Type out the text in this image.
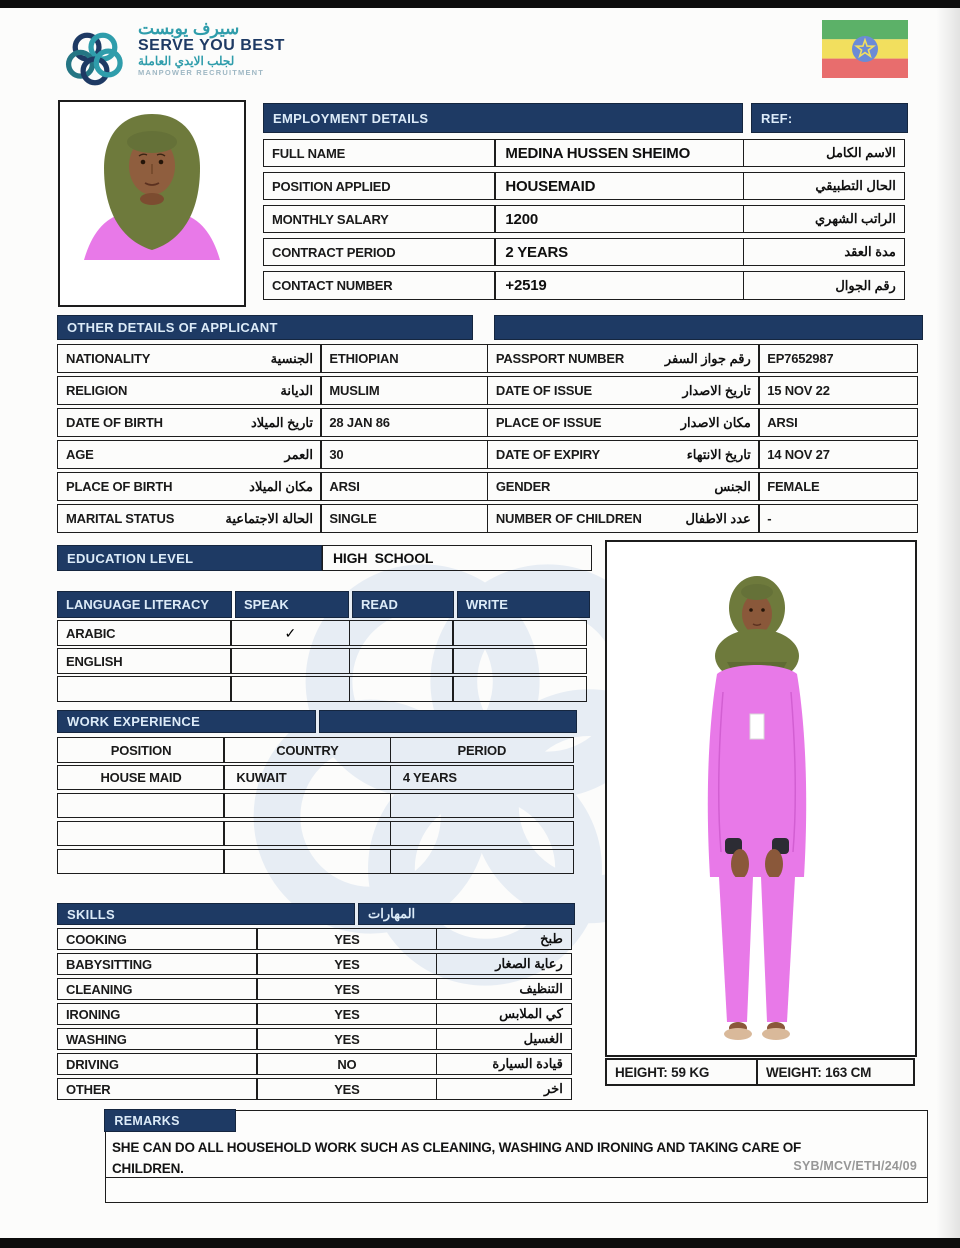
سيرف يوبست
SERVE YOU BEST
لجلب الايدي العاملة
MANPOWER RECRUITMENT
EMPLOYMENT DETAILS	REF:
FULL NAME	MEDINA HUSSEN SHEIMO	الاسم الكامل
POSITION APPLIED	HOUSEMAID	الحال التطبيقي
MONTHLY SALARY	1200	الراتب الشهري
CONTRACT PERIOD	2 YEARS	مدة العقد
CONTACT NUMBER	+2519	رقم الجوال
OTHER DETAILS OF APPLICANT
NATIONALITY	الجنسية	ETHIOPIAN	PASSPORT NUMBER	رقم جواز السفر	EP7652987
RELIGION	الديانة	MUSLIM	DATE OF ISSUE	تاريخ الاصدار	15 NOV 22
DATE OF BIRTH	تاريخ الميلاد	28 JAN 86	PLACE OF ISSUE	مكان الاصدار	ARSI
AGE	العمر	30	DATE OF EXPIRY	تاريخ الانتهاء	14 NOV 27
PLACE OF BIRTH	مكان الميلاد	ARSI	GENDER	الجنس	FEMALE
MARITAL STATUS	الحالة الاجتماعية	SINGLE	NUMBER OF CHILDREN	عدد الاطفال	-
EDUCATION LEVEL	HIGH  SCHOOL
LANGUAGE LITERACY	SPEAK	READ	WRITE
ARABIC	✓
ENGLISH
WORK EXPERIENCE
POSITION	COUNTRY	PERIOD
HOUSE MAID	KUWAIT	4 YEARS
SKILLS	المهارات
COOKING	YES	طبخ
BABYSITTING	YES	رعاية الصغار
CLEANING	YES	التنظيف
IRONING	YES	كي الملابس
WASHING	YES	الغسيل
DRIVING	NO	قيادة السيارة
OTHER	YES	اخر
HEIGHT: 59 KG	WEIGHT: 163 CM
REMARKS
SHE CAN DO ALL HOUSEHOLD WORK SUCH AS CLEANING, WASHING AND IRONING AND TAKING CARE OF CHILDREN.	SYB/MCV/ETH/24/09
